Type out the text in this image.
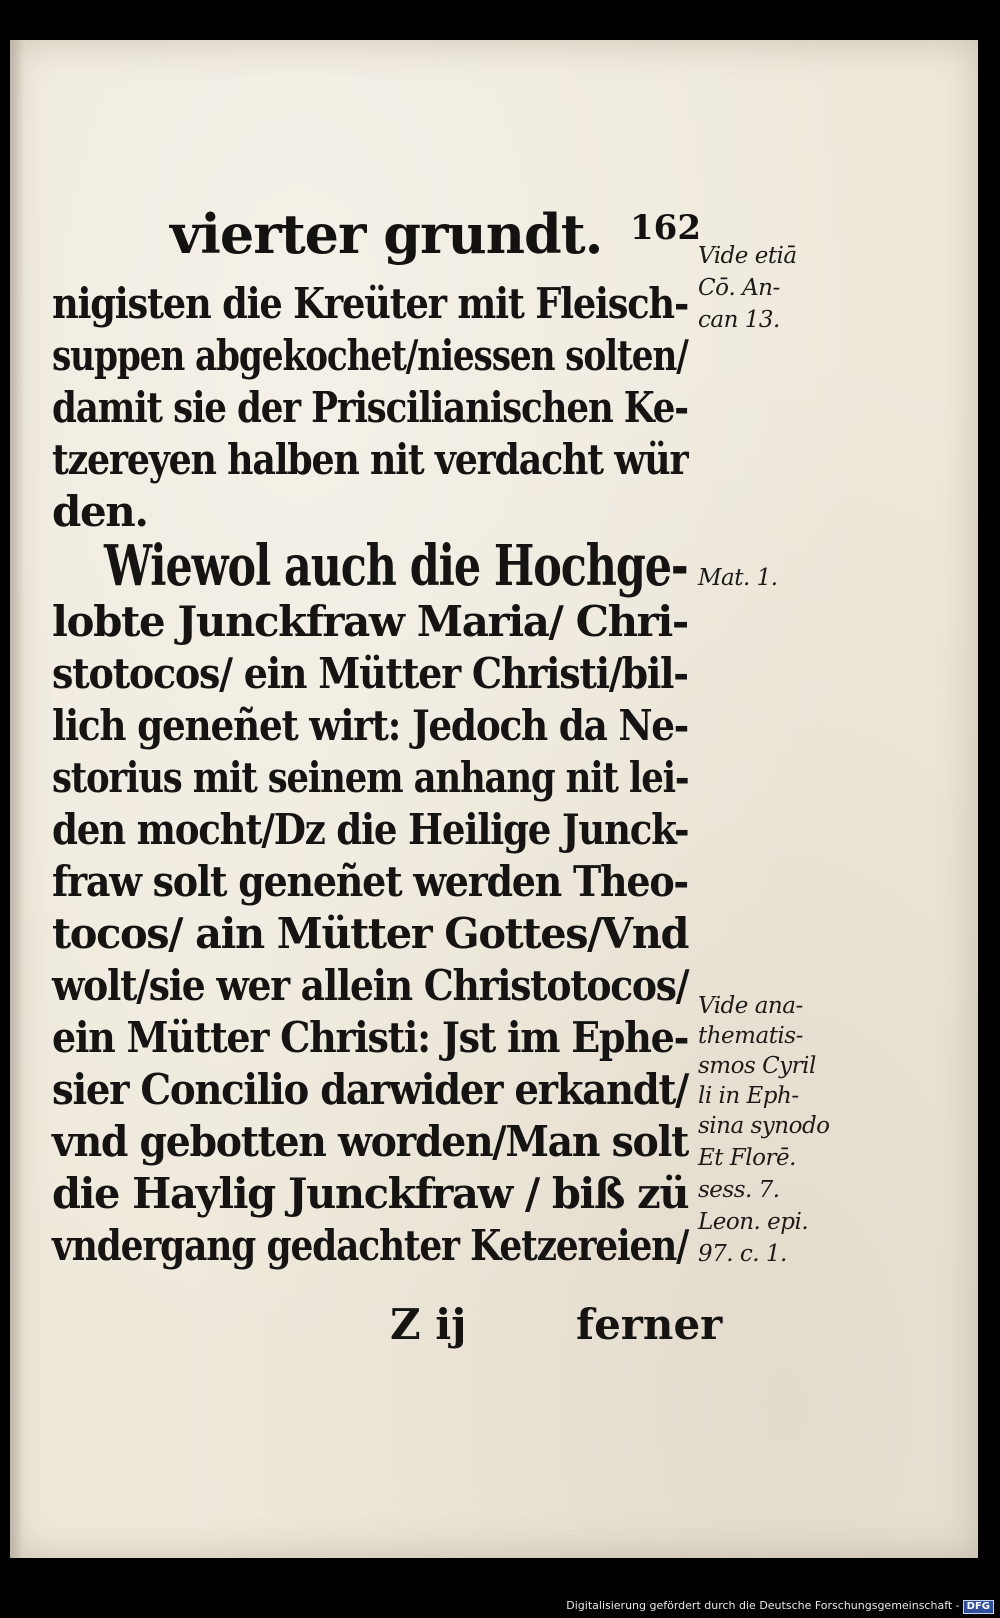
vierter grundt. 162
nigisten die Kreüter mit Fleisch-
suppen abgekochet/niessen solten/
damit sie der Priscilianischen Ke-
tzereyen halben nit verdacht wür
den.
Wiewol auch die Hochge-
lobte Junckfraw Maria/ Chri-
stotocos/ ein Mütter Christi/bil-
lich geneñet wirt: Jedoch da Ne-
storius mit seinem anhang nit lei-
den mocht/Dz die Heilige Junck-
fraw solt geneñet werden Theo-
tocos/ ain Mütter Gottes/Vnd
wolt/sie wer allein Christotocos/
ein Mütter Christi: Jst im Ephe-
sier Concilio darwider erkandt/
vnd gebotten worden/Man solt
die Haylig Junckfraw / biß zü
vndergang gedachter Ketzereien/
Vide etiā
Cō. An-
can 13.
Mat. 1.
Vide ana-
thematis-
smos Cyril
li in Eph-
sina synodo
Et Florē.
sess. 7.
Leon. epi.
97. c. 1.
Z ij	ferner
Digitalisierung gefördert durch die Deutsche Forschungsgemeinschaft - DFG
